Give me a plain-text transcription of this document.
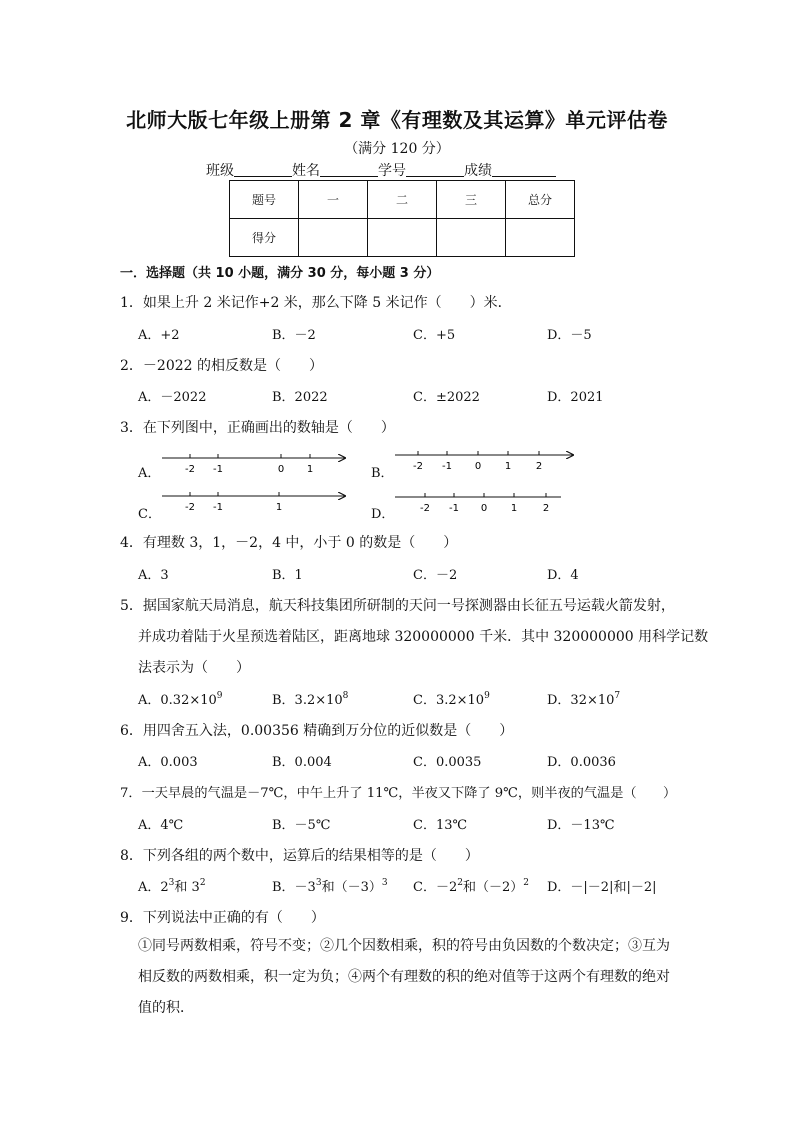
北师大版七年级上册第 2 章《有理数及其运算》单元评估卷
（满分 120 分）
班级	姓名	学号	成绩
题号	一	二	三	总分
得分				
一．选择题（共 10 小题，满分 30 分，每小题 3 分）
1．如果上升 2 米记作+2 米，那么下降 5 米记作（　　）米．
A．+2	B．－2	C．+5	D．－5
2．－2022 的相反数是（　　）
A．－2022	B．2022	C．±2022	D．2021
3．在下列图中，正确画出的数轴是（　　）
A．	B．
C．	D．
-2 -1	0 1	-2 -1 0 1 2
-2 -1	1	-2 -1 0 1	2
4．有理数 3，1，－2，4 中，小于 0 的数是（　　）
A．3	B．1	C．－2	D．4
5．据国家航天局消息，航天科技集团所研制的天问一号探测器由长征五号运载火箭发射，
并成功着陆于火星预选着陆区，距离地球 320000000 千米．其中 320000000 用科学记数
法表示为（　　）
A．$0.32\times 10^9$	B．$3.2\times 10^8$	C．$3.2\times 10^9$	D．$32\times 10^7$
6．用四舍五入法，0.00356 精确到万分位的近似数是（　　）
A．0.003	B．0.004	C．0.0035	D．0.0036
7．一天早晨的气温是－7℃，中午上升了 11℃，半夜又下降了 9℃，则半夜的气温是（　　）
A．4℃	B．－5℃	C．13℃	D．－13℃
8．下列各组的两个数中，运算后的结果相等的是（　　）
A．$2^3$和 $3^2$	B．$-3^3$和$(-3)^3$ C．$-2^2$和$(-2)^2$ D．－|－2|和|－2|
9．下列说法中正确的有（　　）
①同号两数相乘，符号不变；②几个因数相乘，积的符号由负因数的个数决定；③互为相反数的两数相乘，积一定为负；④两个有理数的积的绝对值等于这两个有理数的绝对值的积．
